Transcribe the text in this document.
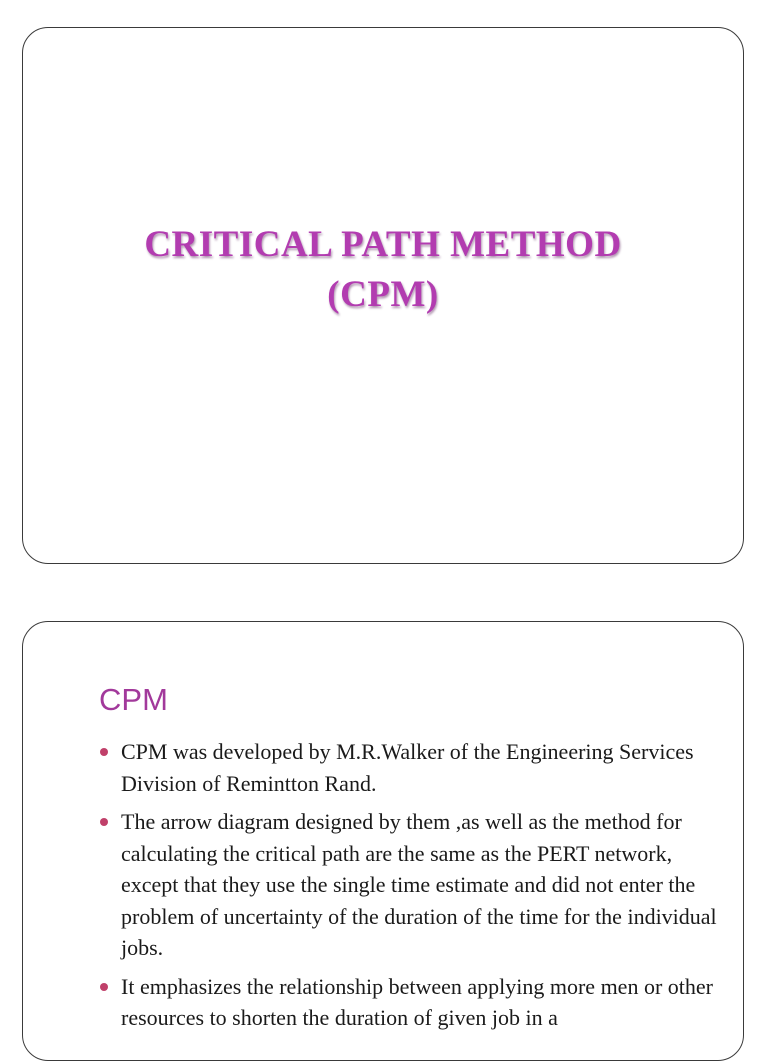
CRITICAL PATH METHOD
(CPM)
CPM
CPM was developed by M.R.Walker of the Engineering Services Division of Remintton Rand.
The arrow diagram designed by them ,as well as the method for calculating the critical path are the same as the PERT network, except that they use the single time estimate and did not enter the problem of uncertainty of the duration of the time for the individual jobs.
It emphasizes the relationship between applying more men or other resources to shorten the duration of given job in a
